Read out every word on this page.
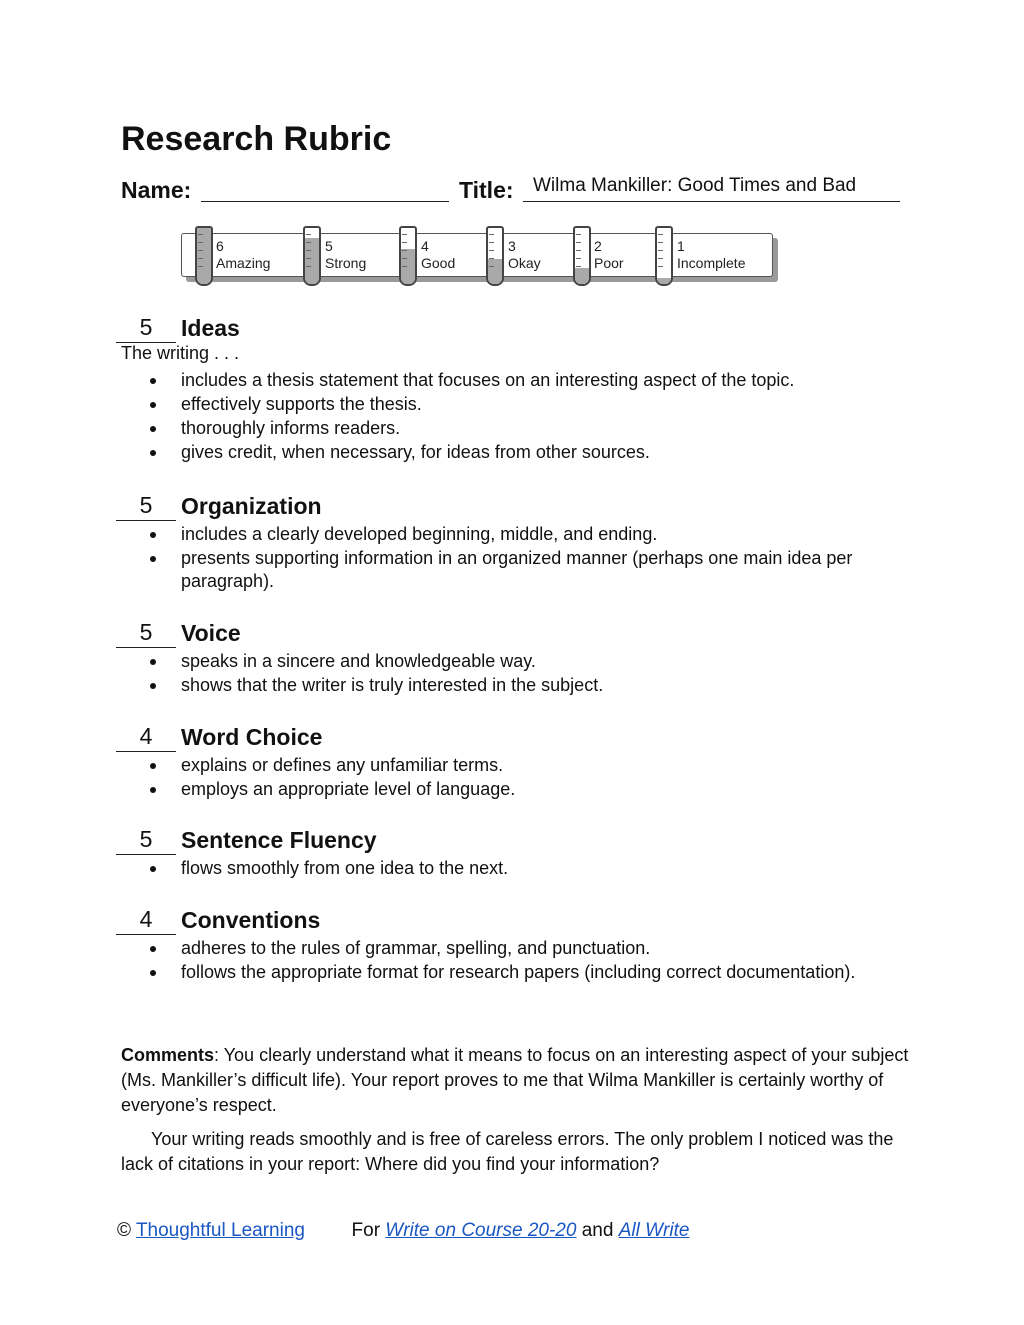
Research Rubric
Name:	Title: Wilma Mankiller: Good Times and Bad
6
Amazing
5
Strong
4
Good
3
Okay
2
Poor
1
Incomplete
5	Ideas
The writing . . .
includes a thesis statement that focuses on an interesting aspect of the topic.
effectively supports the thesis.
thoroughly informs readers.
gives credit, when necessary, for ideas from other sources.
5	Organization
includes a clearly developed beginning, middle, and ending.
presents supporting information in an organized manner (perhaps one main idea per paragraph).
5	Voice
speaks in a sincere and knowledgeable way.
shows that the writer is truly interested in the subject.
4	Word Choice
explains or defines any unfamiliar terms.
employs an appropriate level of language.
5	Sentence Fluency
flows smoothly from one idea to the next.
4	Conventions
adheres to the rules of grammar, spelling, and punctuation.
follows the appropriate format for research papers (including correct documentation).

Comments: You clearly understand what it means to focus on an interesting aspect of your subject (Ms. Mankiller’s difficult life). Your report proves to me that Wilma Mankiller is certainly worthy of everyone’s respect.

Your writing reads smoothly and is free of careless errors. The only problem I noticed was the lack of citations in your report: Where did you find your information?

© Thoughtful Learning For Write on Course 20-20 and All Write
